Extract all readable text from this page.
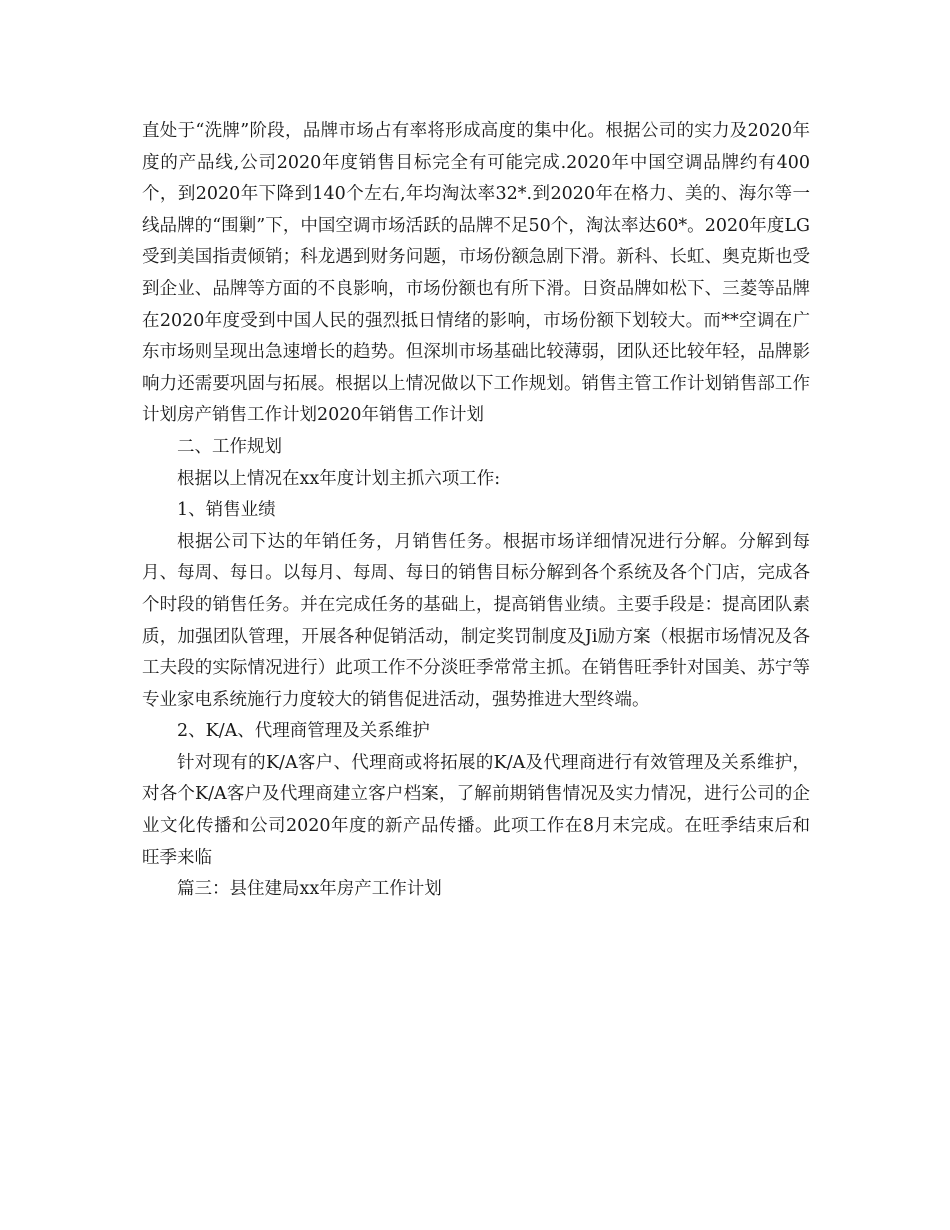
直处于“洗牌”阶段，品牌市场占有率将形成高度的集中化。根据公司的实力及2020年度的产品线,公司2020年度销售目标完全有可能完成.2020年中国空调品牌约有400个，到2020年下降到140个左右,年均淘汰率32*.到2020年在格力、美的、海尔等一线品牌的“围剿”下，中国空调市场活跃的品牌不足50个，淘汰率达60*。2020年度LG受到美国指责倾销；科龙遇到财务问题，市场份额急剧下滑。新科、长虹、奥克斯也受到企业、品牌等方面的不良影响，市场份额也有所下滑。日资品牌如松下、三菱等品牌在2020年度受到中国人民的强烈抵日情绪的影响，市场份额下划较大。而**空调在广东市场则呈现出急速增长的趋势。但深圳市场基础比较薄弱，团队还比较年轻，品牌影响力还需要巩固与拓展。根据以上情况做以下工作规划。销售主管工作计划销售部工作计划房产销售工作计划2020年销售工作计划

二、工作规划

根据以上情况在xx年度计划主抓六项工作:

1、销售业绩

根据公司下达的年销任务，月销售任务。根据市场详细情况进行分解。分解到每月、每周、每日。以每月、每周、每日的销售目标分解到各个系统及各个门店，完成各个时段的销售任务。并在完成任务的基础上，提高销售业绩。主要手段是：提高团队素质，加强团队管理，开展各种促销活动，制定奖罚制度及Ji励方案（根据市场情况及各工夫段的实际情况进行）此项工作不分淡旺季常常主抓。在销售旺季针对国美、苏宁等专业家电系统施行力度较大的销售促进活动，强势推进大型终端。

2、K/A、代理商管理及关系维护

针对现有的K/A客户、代理商或将拓展的K/A及代理商进行有效管理及关系维护，对各个K/A客户及代理商建立客户档案，了解前期销售情况及实力情况，进行公司的企业文化传播和公司2020年度的新产品传播。此项工作在8月末完成。在旺季结束后和旺季来临

篇三：县住建局xx年房产工作计划
